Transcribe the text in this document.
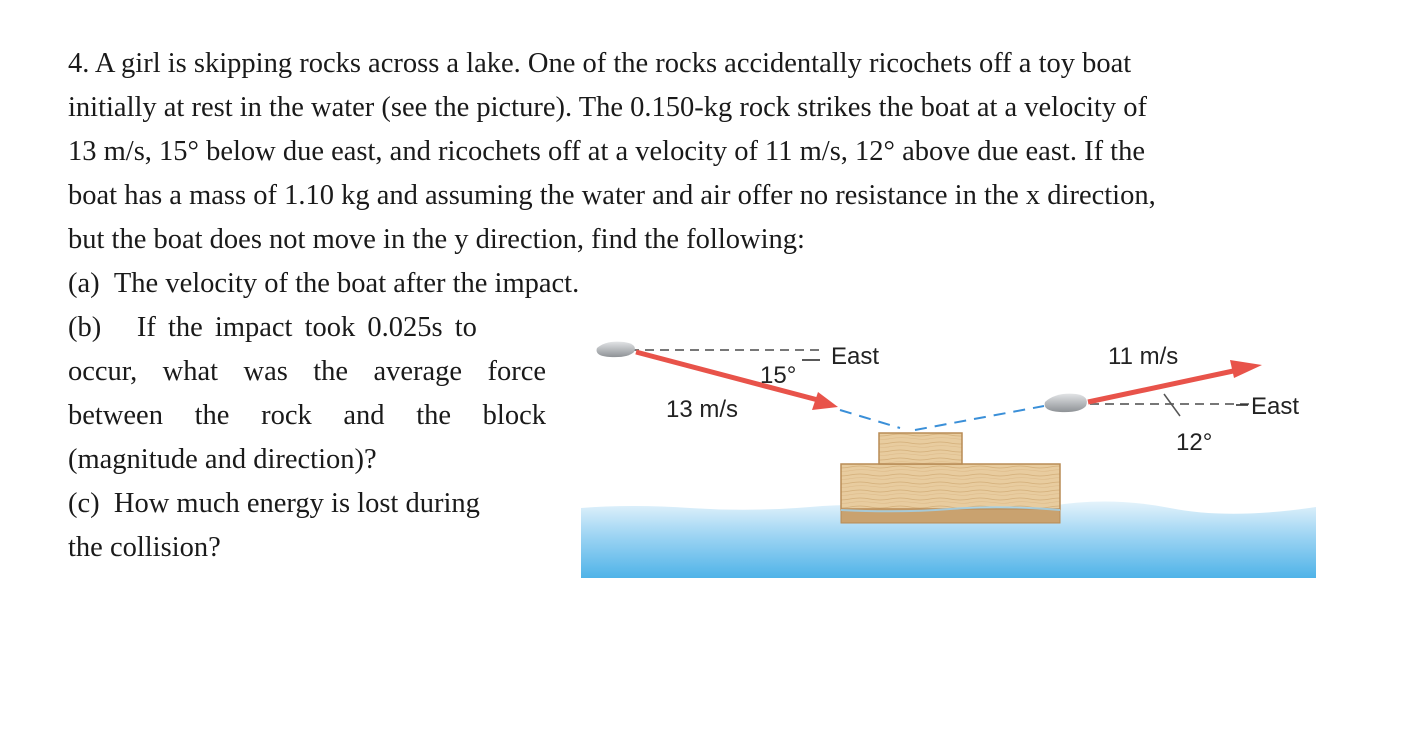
4. A girl is skipping rocks across a lake. One of the rocks accidentally ricochets off a toy boat
initially at rest in the water (see the picture). The 0.150-kg rock strikes the boat at a velocity of
13 m/s, 15° below due east, and ricochets off at a velocity of 11 m/s, 12° above due east. If the
boat has a mass of 1.10 kg and assuming the water and air offer no resistance in the x direction,
but the boat does not move in the y direction, find the following:
(a) The velocity of the boat after the impact.
(b) If the impact took 0.025s to
occur, what was the average force
between the rock and the block
(magnitude and direction)?
(c) How much energy is lost during
the collision?
15°
East
13 m/s
11 m/s
East
12°
